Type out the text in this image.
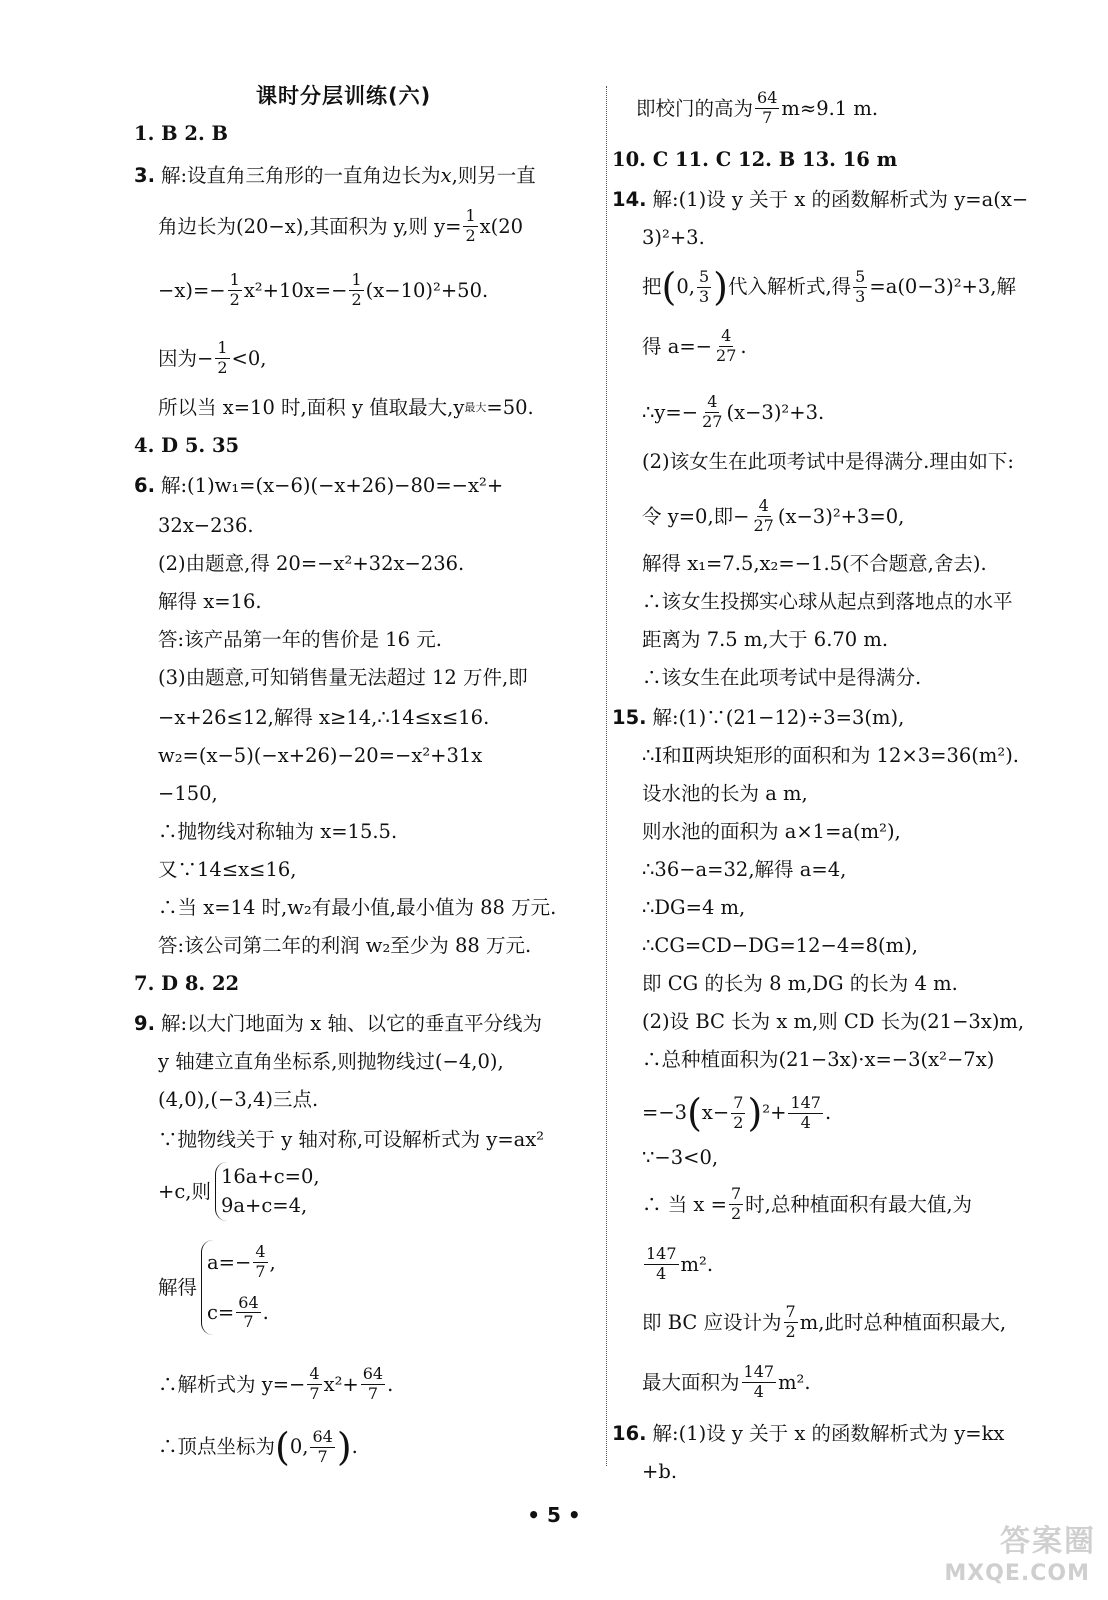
课时分层训练(六)
1. B 2. B
3. 解:设直角三角形的一直角边长为 x ,则另一直
角边长为(20−x),其面积为 y,则 $y= \frac{1}{2} x(20$
$-x)=- \frac{1}{2} x^2+10x=- \frac{1}{2} (x-10)^2+50$.
因为− $\frac{1}{2} <0$,
所以当 x=10 时,面积 y 值取最大,y 最大 =50.
4. D 5. 35
6. 解:(1)w₁=(x−6)(−x+26)−80=−x²+
32x−236.
(2)由题意,得 20=−x²+32x−236.
解得 x=16.
答:该产品第一年的售价是 16 元.
(3)由题意,可知销售量无法超过 12 万件,即
−x+26≤12,解得 x≥14,∴14≤x≤16.
w₂=(x−5)(−x+26)−20=−x²+31x
−150,
∴抛物线对称轴为 x=15.5.
又∵14≤x≤16,
∴当 x=14 时,w₂有最小值,最小值为 88 万元.
答:该公司第二年的利润 w₂至少为 88 万元.
7. D 8. 22
9. 解:以大门地面为 x 轴、以它的垂直平分线为
y 轴建立直角坐标系,则抛物线过(−4,0),
(4,0),(−3,4)三点.
∵抛物线关于 y 轴对称,可设解析式为 y=ax²
+c,则
16a+c=0,
9a+c=4,
解得
$a=- \frac{4}{7}$ ,
$c= \frac{64}{7}$ .
∴解析式为 $y=- \frac{4}{7} x^2+ \frac{64}{7}$ .
∴顶点坐标为 ( 0, $\frac{64}{7}$ ) .
即校门的高为 $\frac{64}{7} m\approx 9.1$ m.
10. C 11. C 12. B 13. 16 m
14. 解:(1)设 y 关于 x 的函数解析式为 y=a(x−
3)²+3.
把 ( 0, $\frac{5}{3}$ ) 代入解析式,得 $\frac{5}{3} =a(0-3)^2+3$,解
得 $a=- \frac{4}{27}$ .
∴y=− $\frac{4}{27} (x-3)^2+3$.
(2)该女生在此项考试中是得满分.理由如下:
令 y=0,即− $\frac{4}{27} (x-3)^2+3=0$,
解得 x₁=7.5,x₂=−1.5(不合题意,舍去).
∴该女生投掷实心球从起点到落地点的水平
距离为 7.5 m,大于 6.70 m.
∴该女生在此项考试中是得满分.
15. 解:(1)∵(21−12)÷3=3(m),
∴Ⅰ和Ⅱ两块矩形的面积和为 12×3=36(m²).
设水池的长为 a m,
则水池的面积为 a×1=a(m²),
∴36−a=32,解得 a=4,
∴DG=4 m,
∴CG=CD−DG=12−4=8(m),
即 CG 的长为 8 m,DG 的长为 4 m.
(2)设 BC 长为 x m,则 CD 长为(21−3x)m,
∴总种植面积为(21−3x)·x=−3(x²−7x)
=−3 ( $x- \frac{7}{2}$ ) $^2+ \frac{147}{4}$ .
∵−3<0,
∴ 当 $x = \frac{7}{2}$ 时,总种植面积有最大值,为
$\frac{147}{4} m^2$.
即 BC 应设计为 $\frac{7}{2} m$,此时总种植面积最大,
最大面积为 $\frac{147}{4} m^2$.
16. 解:(1)设 y 关于 x 的函数解析式为 y=kx
+b.
• 5 •
答案圈
MXQE.COM
